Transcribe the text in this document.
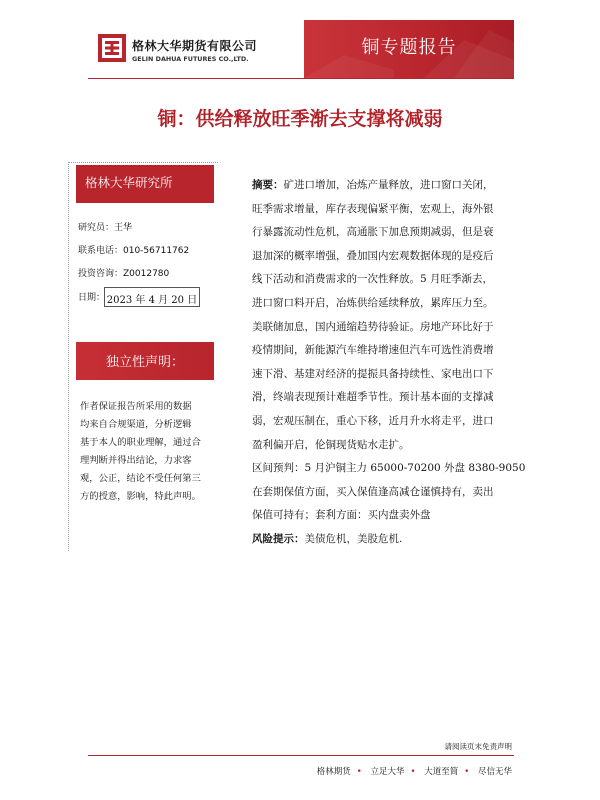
格林大华期货有限公司
GELIN DAHUA FUTURES CO.,LTD.
铜专题报告
铜：供给释放旺季渐去支撑将减弱
格林大华研究所
研究员：王华
联系电话：010-56711762
投资咨询：Z0012780
日期： 2023 年 4 月 20 日
独立性声明：

作者保证报告所采用的数据

均来自合规渠道，分析逻辑

基于本人的职业理解，通过合

理判断并得出结论，力求客

观，公正，结论不受任何第三

方的授意，影响，特此声明。

摘要：矿进口增加，冶炼产量释放，进口窗口关闭，

旺季需求增量，库存表现偏紧平衡，宏观上，海外银

行暴露流动性危机，高通胀下加息预期减弱，但是衰

退加深的概率增强，叠加国内宏观数据体现的是疫后

线下活动和消费需求的一次性释放。5 月旺季渐去，

进口窗口料开启，冶炼供给延续释放，累库压力至。

美联储加息，国内通缩趋势待验证。房地产环比好于

疫情期间，新能源汽车维持增速但汽车可选性消费增

速下滑、基建对经济的提振具备持续性、家电出口下

滑，终端表现预计难超季节性。预计基本面的支撑减

弱，宏观压制在，重心下移，近月升水将走平，进口

盈利偏开启，伦铜现货贴水走扩。

区间预判：5 月沪铜主力 65000-70200 外盘 8380-9050

在套期保值方面，买入保值逢高减仓谨慎持有，卖出

保值可持有；套利方面：买内盘卖外盘

风险提示：美债危机，美股危机.

请阅读页末免责声明
格林期货 • 立足大华 • 大道至简 • 尽信无华
